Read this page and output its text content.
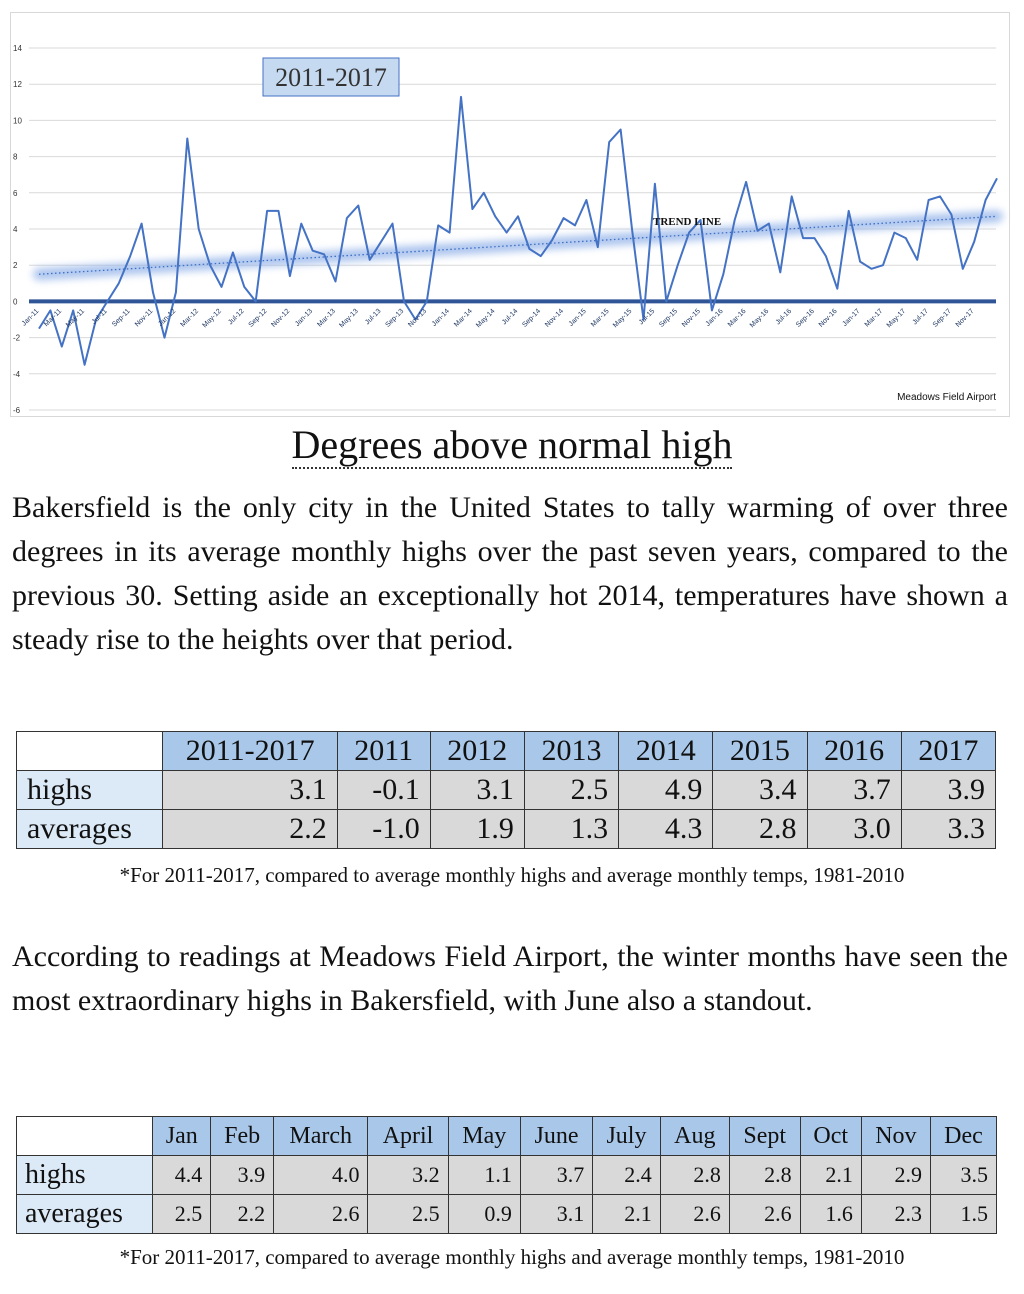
14
12
10
8
6
4
2
0
-2
-4
-6
Jan-11 Mar-11 May-11 Jul-11 Sep-11 Nov-11 Jan-12 Mar-12 May-12 Jul-12 Sep-12 Nov-12 Jan-13 Mar-13 May-13 Jul-13 Sep-13 Nov-13 Jan-14 Mar-14 May-14 Jul-14 Sep-14 Nov-14 Jan-15 Mar-15 May-15 Jul-15 Sep-15 Nov-15 Jan-16 Mar-16 May-16 Jul-16 Sep-16 Nov-16 Jan-17 Mar-17 May-17 Jul-17 Sep-17 Nov-17
2011-2017
TREND LINE
Meadows Field Airport
Degrees above normal high
Bakersfield is the only city in the United States to tally warming of over three degrees in its average monthly highs over the past seven years, compared to the previous 30. Setting aside an exceptionally hot 2014, temperatures have shown a steady rise to the heights over that period.
	2011-2017	2011	2012	2013	2014	2015	2016	2017
highs	3.1	-0.1	3.1	2.5	4.9	3.4	3.7	3.9
averages	2.2	-1.0	1.9	1.3	4.3	2.8	3.0	3.3
*For 2011-2017, compared to average monthly highs and average monthly temps, 1981-2010
According to readings at Meadows Field Airport, the winter months have seen the most extraordinary highs in Bakersfield, with June also a standout.
	Jan	Feb	March	April	May	June	July	Aug	Sept	Oct	Nov	Dec
highs	4.4	3.9	4.0	3.2	1.1	3.7	2.4	2.8	2.8	2.1	2.9	3.5
averages	2.5	2.2	2.6	2.5	0.9	3.1	2.1	2.6	2.6	1.6	2.3	1.5
*For 2011-2017, compared to average monthly highs and average monthly temps, 1981-2010
